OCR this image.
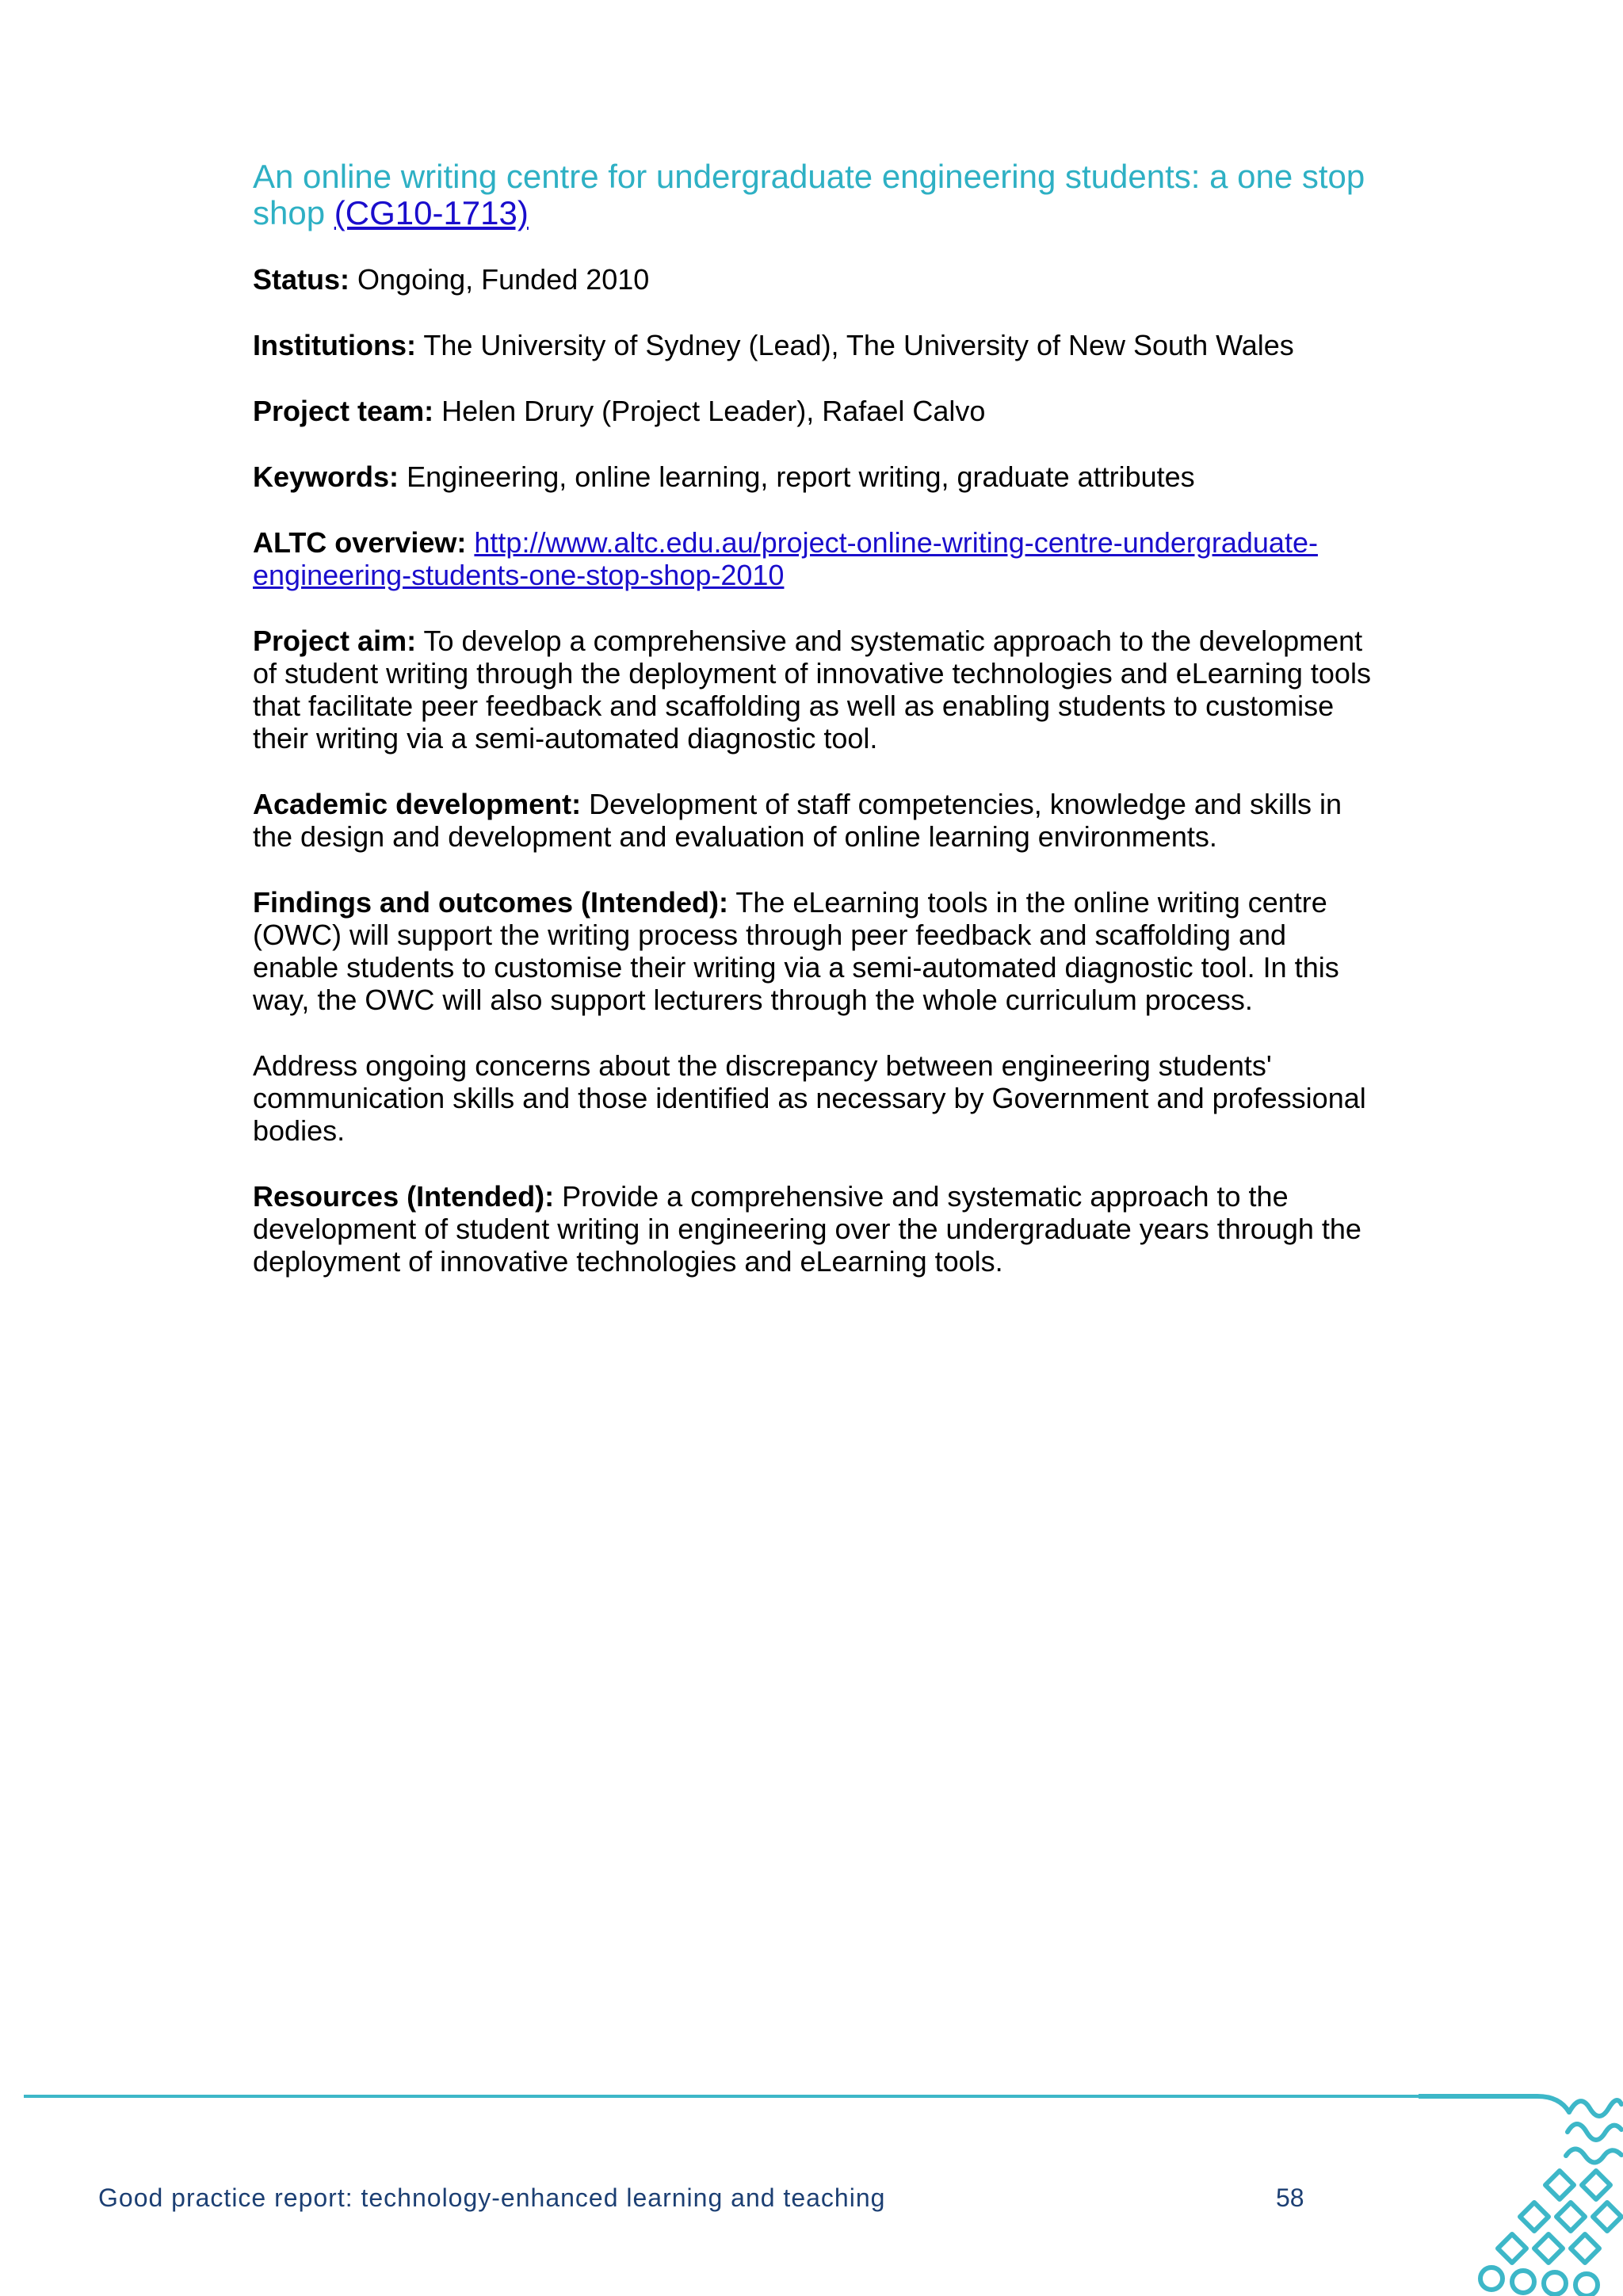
An online writing centre for undergraduate engineering students: a one stop shop (CG10-1713)

Status: Ongoing, Funded 2010

Institutions: The University of Sydney (Lead), The University of New South Wales

Project team: Helen Drury (Project Leader), Rafael Calvo

Keywords: Engineering, online learning, report writing, graduate attributes

ALTC overview: http://www.altc.edu.au/project-online-writing-centre-undergraduate-engineering-students-one-stop-shop-2010

Project aim: To develop a comprehensive and systematic approach to the development of student writing through the deployment of innovative technologies and eLearning tools that facilitate peer feedback and scaffolding as well as enabling students to customise their writing via a semi-automated diagnostic tool.

Academic development: Development of staff competencies, knowledge and skills in the design and development and evaluation of online learning environments.

Findings and outcomes (Intended): The eLearning tools in the online writing centre (OWC) will support the writing process through peer feedback and scaffolding and enable students to customise their writing via a semi-automated diagnostic tool. In this way, the OWC will also support lecturers through the whole curriculum process.

Address ongoing concerns about the discrepancy between engineering students' communication skills and those identified as necessary by Government and professional bodies.

Resources (Intended): Provide a comprehensive and systematic approach to the development of student writing in engineering over the undergraduate years through the deployment of innovative technologies and eLearning tools.

Good practice report: technology-enhanced learning and teaching	58
